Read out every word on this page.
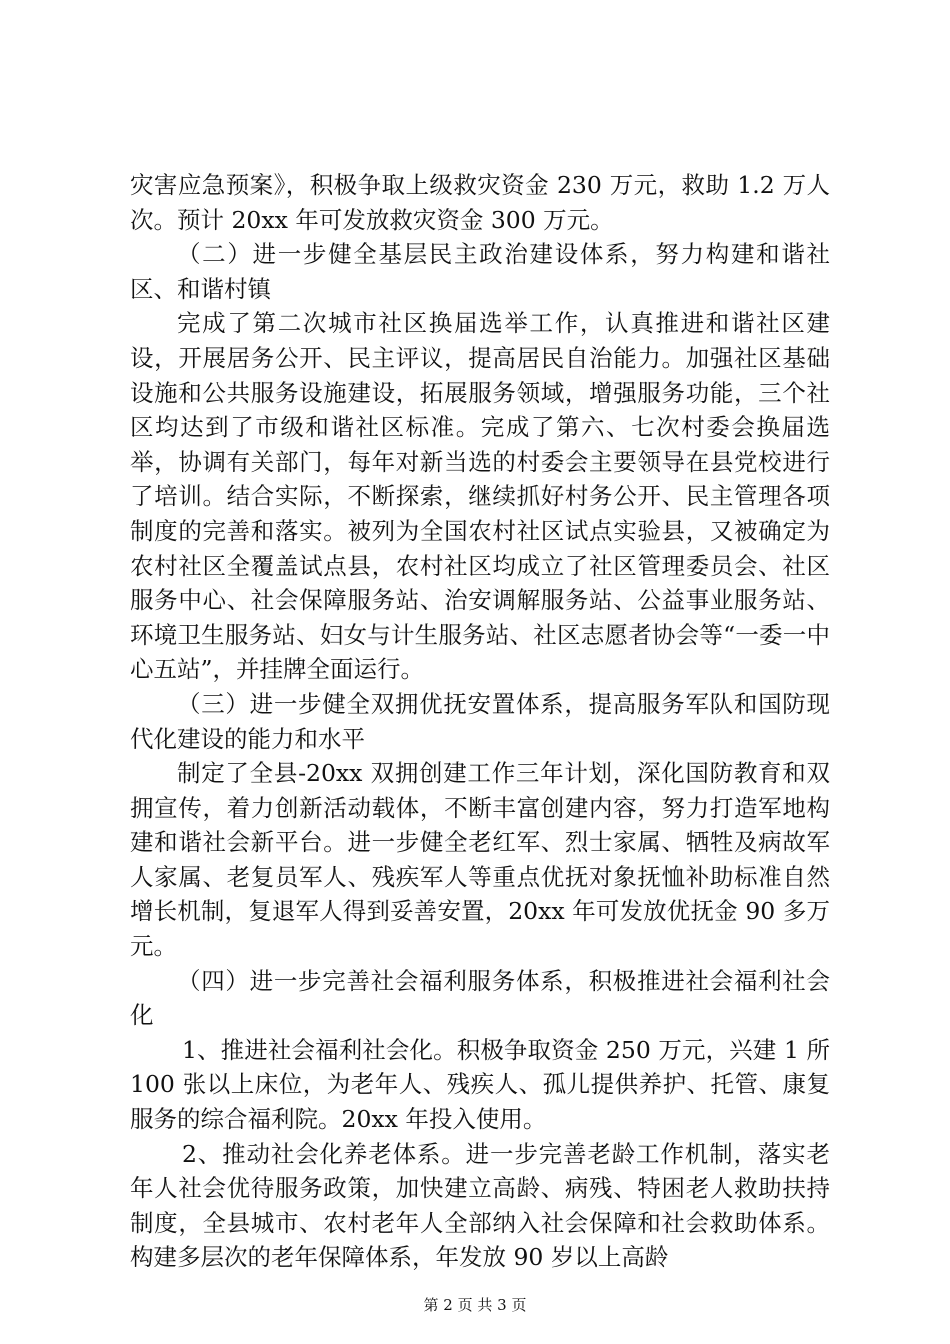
灾害应急预案》，积极争取上级救灾资金 230 万元，救助 1.2 万人次。预计 20xx 年可发放救灾资金 300 万元。

（二）进一步健全基层民主政治建设体系，努力构建和谐社区、和谐村镇

完成了第二次城市社区换届选举工作，认真推进和谐社区建设，开展居务公开、民主评议，提高居民自治能力。加强社区基础设施和公共服务设施建设，拓展服务领域，增强服务功能，三个社区均达到了市级和谐社区标准。完成了第六、七次村委会换届选举，协调有关部门，每年对新当选的村委会主要领导在县党校进行了培训。结合实际，不断探索，继续抓好村务公开、民主管理各项制度的完善和落实。被列为全国农村社区试点实验县，又被确定为农村社区全覆盖试点县，农村社区均成立了社区管理委员会、社区服务中心、社会保障服务站、治安调解服务站、公益事业服务站、环境卫生服务站、妇女与计生服务站、社区志愿者协会等“一委一中心五站”，并挂牌全面运行。

（三）进一步健全双拥优抚安置体系，提高服务军队和国防现代化建设的能力和水平

制定了全县-20xx 双拥创建工作三年计划，深化国防教育和双拥宣传，着力创新活动载体，不断丰富创建内容，努力打造军地构建和谐社会新平台。进一步健全老红军、烈士家属、牺牲及病故军人家属、老复员军人、残疾军人等重点优抚对象抚恤补助标准自然增长机制，复退军人得到妥善安置，20xx 年可发放优抚金 90 多万元。

（四）进一步完善社会福利服务体系，积极推进社会福利社会化

1、推进社会福利社会化。积极争取资金 250 万元，兴建 1 所 100 张以上床位，为老年人、残疾人、孤儿提供养护、托管、康复服务的综合福利院。20xx 年投入使用。

2、推动社会化养老体系。进一步完善老龄工作机制，落实老年人社会优待服务政策，加快建立高龄、病残、特困老人救助扶持制度，全县城市、农村老年人全部纳入社会保障和社会救助体系。构建多层次的老年保障体系，年发放 90 岁以上高龄

第 2 页 共 3 页
